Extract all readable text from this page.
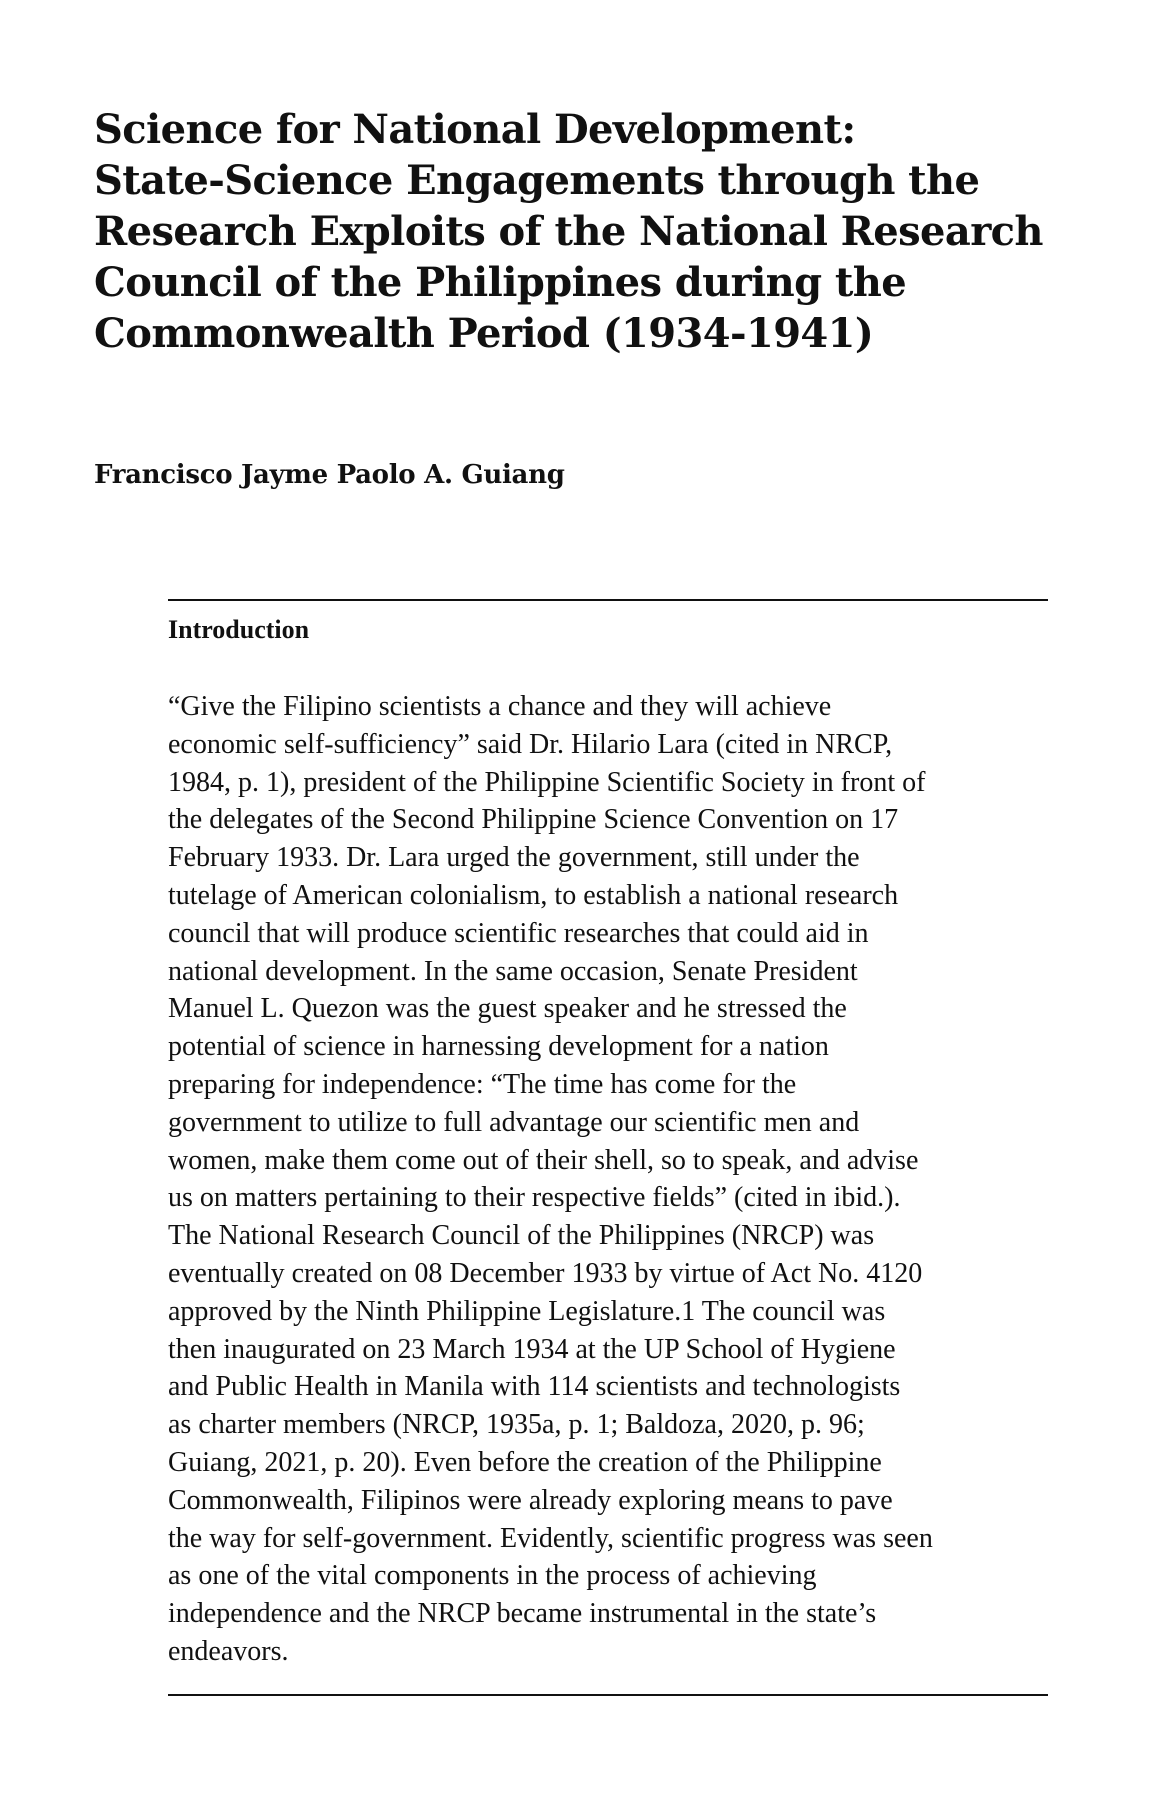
Science for National Development:
State-Science Engagements through the
Research Exploits of the National Research
Council of the Philippines during the
Commonwealth Period (1934-1941)

Francisco Jayme Paolo A. Guiang

Introduction
“Give the Filipino scientists a chance and they will achieve
economic self-sufficiency” said Dr. Hilario Lara (cited in NRCP,
1984, p. 1), president of the Philippine Scientific Society in front of
the delegates of the Second Philippine Science Convention on 17
February 1933. Dr. Lara urged the government, still under the
tutelage of American colonialism, to establish a national research
council that will produce scientific researches that could aid in
national development. In the same occasion, Senate President
Manuel L. Quezon was the guest speaker and he stressed the
potential of science in harnessing development for a nation
preparing for independence: “The time has come for the
government to utilize to full advantage our scientific men and
women, make them come out of their shell, so to speak, and advise
us on matters pertaining to their respective fields” (cited in ibid.).
The National Research Council of the Philippines (NRCP) was
eventually created on 08 December 1933 by virtue of Act No. 4120
approved by the Ninth Philippine Legislature.1 The council was
then inaugurated on 23 March 1934 at the UP School of Hygiene
and Public Health in Manila with 114 scientists and technologists
as charter members (NRCP, 1935a, p. 1; Baldoza, 2020, p. 96;
Guiang, 2021, p. 20). Even before the creation of the Philippine
Commonwealth, Filipinos were already exploring means to pave
the way for self-government. Evidently, scientific progress was seen
as one of the vital components in the process of achieving
independence and the NRCP became instrumental in the state’s
endeavors.
